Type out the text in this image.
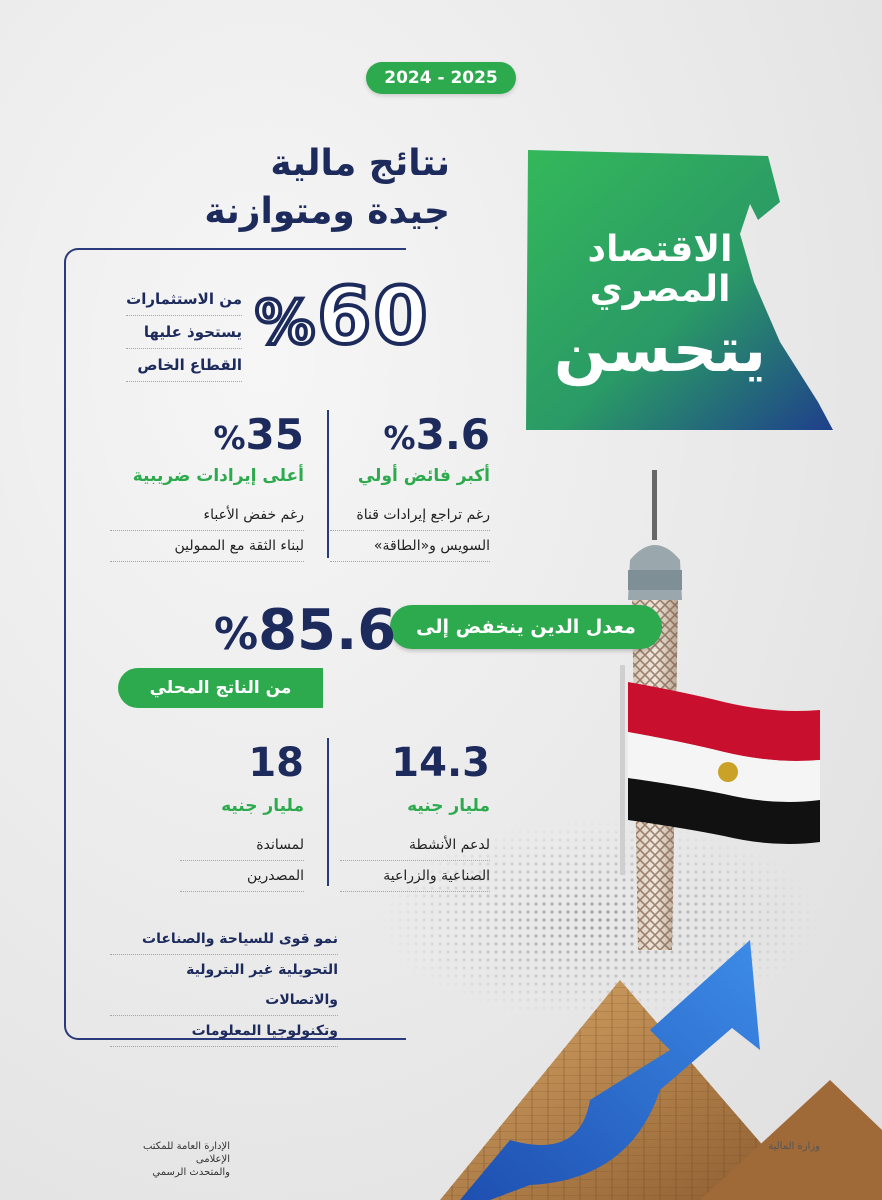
2024 - 2025
نتائج مالية
جيدة ومتوازنة
الاقتصاد
المصري
يتحسن
%60
من الاستثمارات
يستحوذ عليها
القطاع الخاص
%3.6
أكبر فائض أولي
رغم تراجع إيرادات قناة
السويس و«الطاقة»
%35
أعلى إيرادات ضريبية
رغم خفض الأعباء
لبناء الثقة مع الممولين
معدل الدين ينخفض إلى
%85.6
من الناتج المحلي
14.3
مليار جنيه
لدعم الأنشطة
الصناعية والزراعية
18
مليار جنيه
لمساندة
المصدرين
نمو قوى للسياحة والصناعات
التحويلية غير البترولية والاتصالات
وتكنولوجيا المعلومات
الإدارة العامة للمكتب الإعلامى
والمتحدث الرسمي
وزارة المالية
